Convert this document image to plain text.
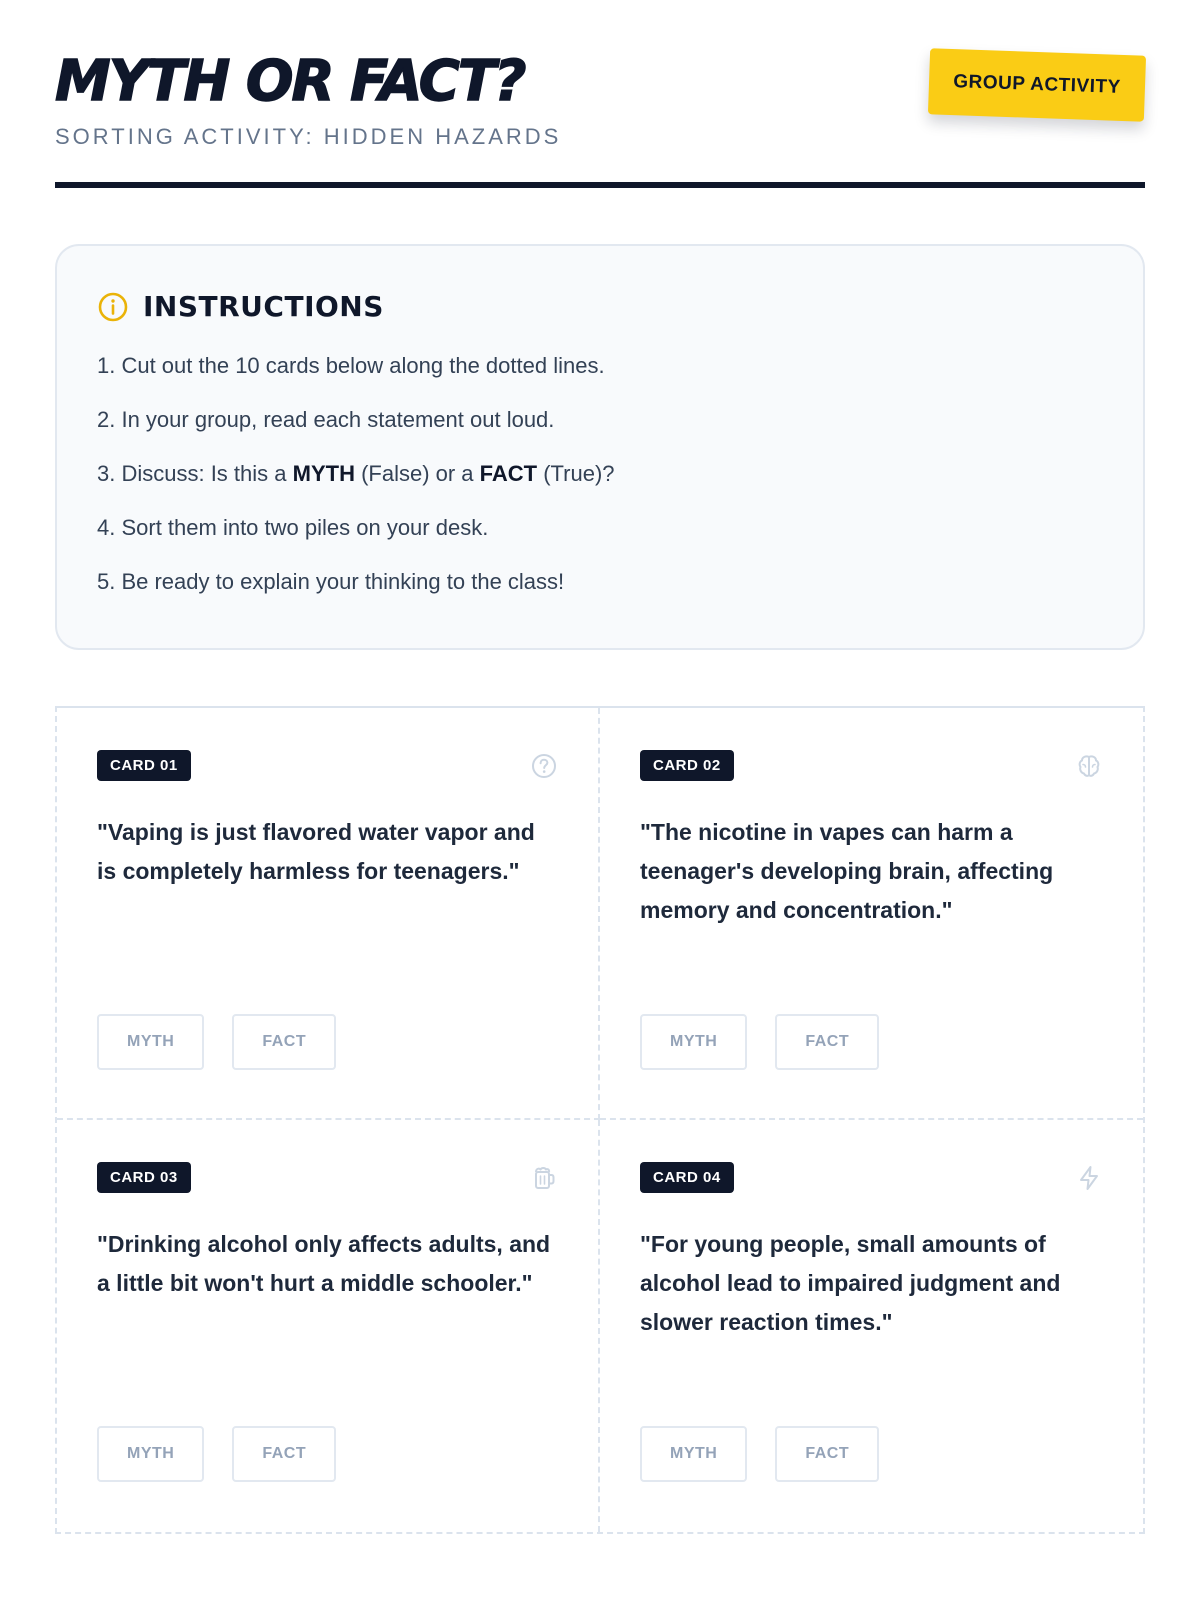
MYTH OR FACT?
SORTING ACTIVITY: HIDDEN HAZARDS
GROUP ACTIVITY
INSTRUCTIONS
1. Cut out the 10 cards below along the dotted lines.
2. In your group, read each statement out loud.
3. Discuss: Is this a MYTH (False) or a FACT (True)?
4. Sort them into two piles on your desk.
5. Be ready to explain your thinking to the class!
CARD 01

"Vaping is just flavored water vapor and is completely harmless for teenagers."

MYTH	FACT
CARD 02

"The nicotine in vapes can harm a teenager's developing brain, affecting memory and concentration."

MYTH	FACT
CARD 03

"Drinking alcohol only affects adults, and a little bit won't hurt a middle schooler."

MYTH	FACT
CARD 04

"For young people, small amounts of alcohol lead to impaired judgment and slower reaction times."

MYTH	FACT
